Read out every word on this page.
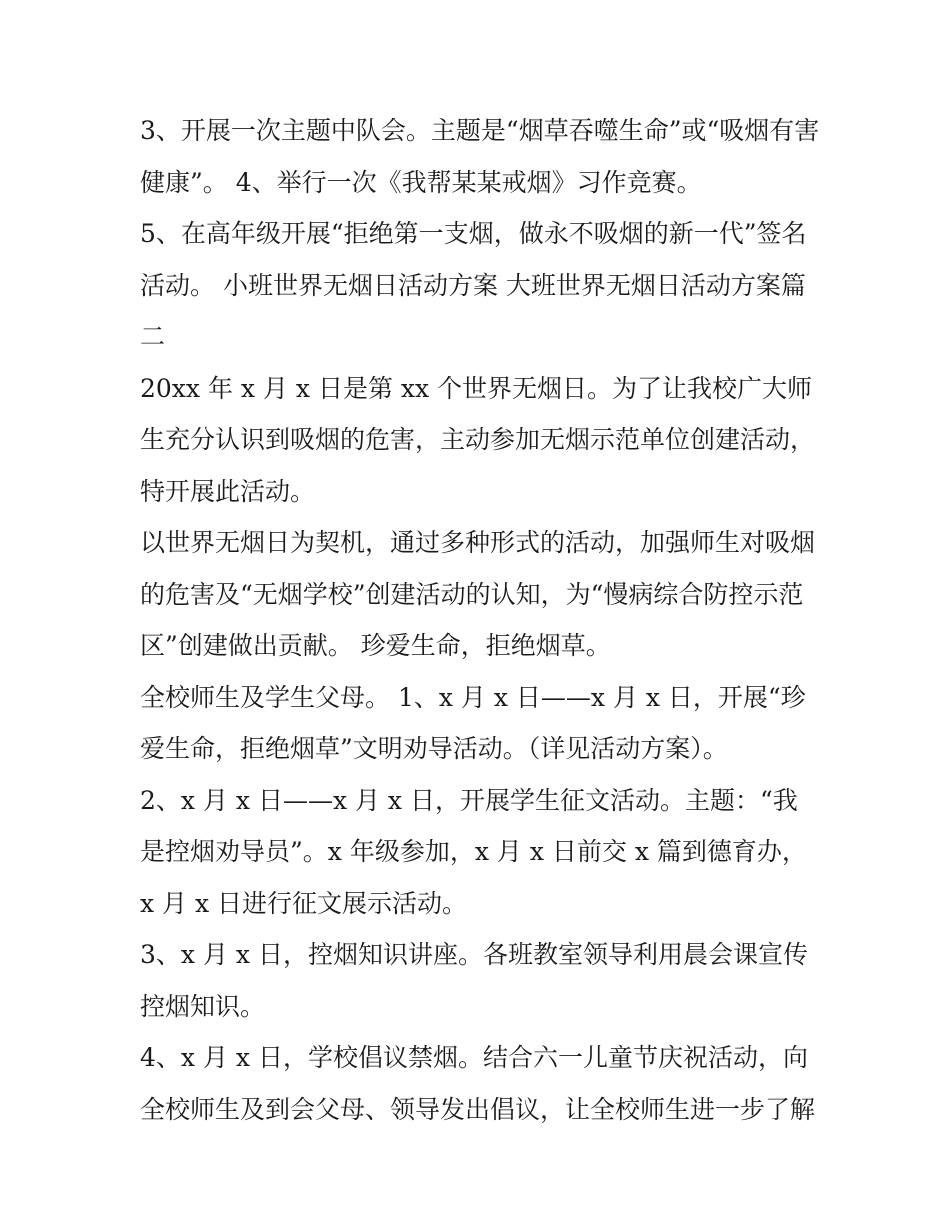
3、开展一次主题中队会。主题是“烟草吞噬生命”或“吸烟有害健康”。 4、举行一次《我帮某某戒烟》习作竞赛。

5、在高年级开展“拒绝第一支烟，做永不吸烟的新一代”签名活动。 小班世界无烟日活动方案 大班世界无烟日活动方案篇二

20xx 年 x 月 x 日是第 xx 个世界无烟日。为了让我校广大师生充分认识到吸烟的危害，主动参加无烟示范单位创建活动，特开展此活动。

以世界无烟日为契机，通过多种形式的活动，加强师生对吸烟的危害及“无烟学校”创建活动的认知，为“慢病综合防控示范区”创建做出贡献。 珍爱生命，拒绝烟草。

全校师生及学生父母。 1、x 月 x 日——x 月 x 日，开展“珍爱生命，拒绝烟草”文明劝导活动。（详见活动方案）。

2、x 月 x 日——x 月 x 日，开展学生征文活动。主题：“我是控烟劝导员”。x 年级参加，x 月 x 日前交 x 篇到德育办，x 月 x 日进行征文展示活动。

3、x 月 x 日，控烟知识讲座。各班教室领导利用晨会课宣传控烟知识。

4、x 月 x 日，学校倡议禁烟。结合六一儿童节庆祝活动，向全校师生及到会父母、领导发出倡议，让全校师生进一步了解
